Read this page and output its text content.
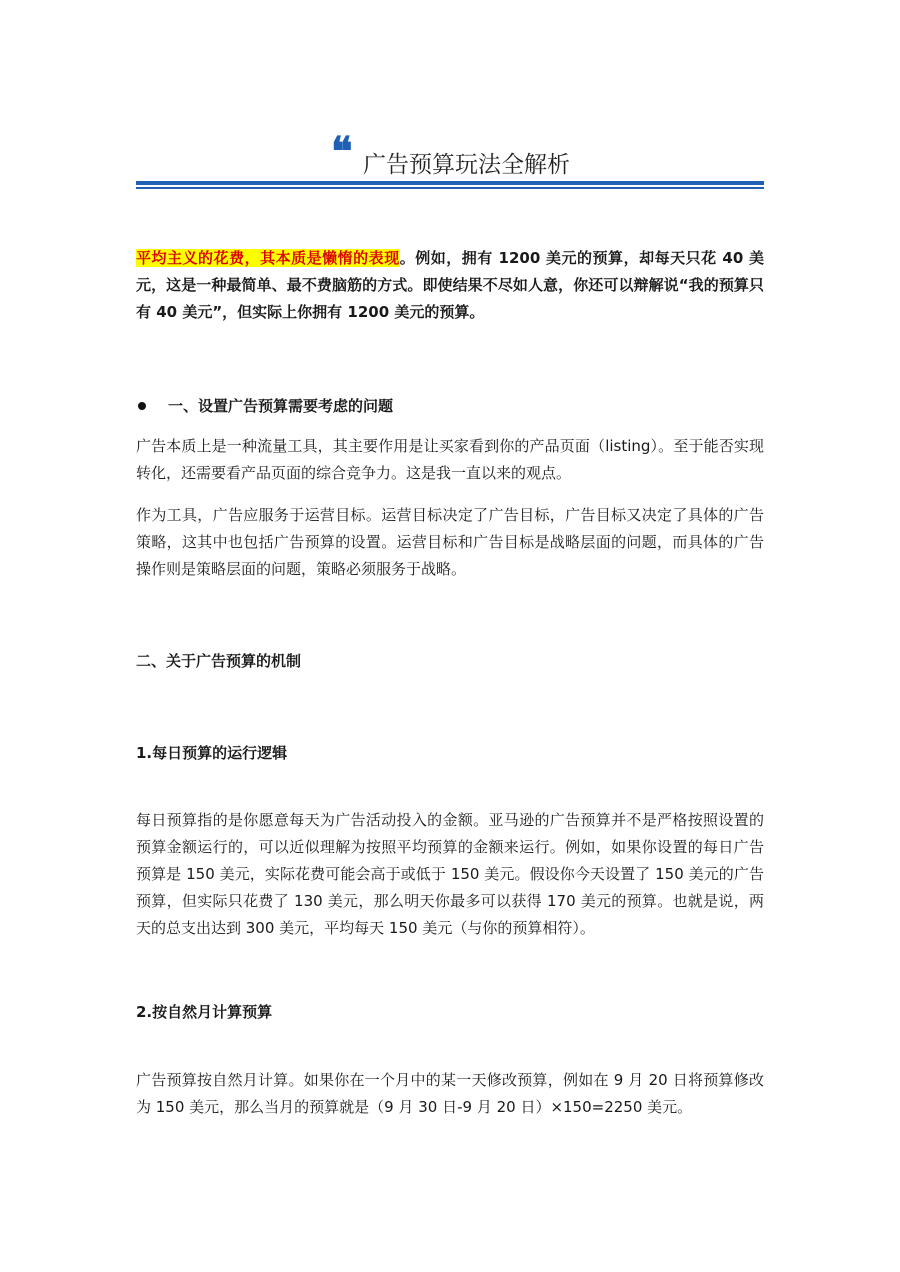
❝ 广告预算玩法全解析

平均主义的花费，其本质是懒惰的表现。例如，拥有 1200 美元的预算，却每天只花 40 美元，这是一种最简单、最不费脑筋的方式。即使结果不尽如人意，你还可以辩解说“我的预算只有 40 美元”，但实际上你拥有 1200 美元的预算。

一、设置广告预算需要考虑的问题

广告本质上是一种流量工具，其主要作用是让买家看到你的产品页面（listing）。至于能否实现转化，还需要看产品页面的综合竞争力。这是我一直以来的观点。

作为工具，广告应服务于运营目标。运营目标决定了广告目标，广告目标又决定了具体的广告策略，这其中也包括广告预算的设置。运营目标和广告目标是战略层面的问题，而具体的广告操作则是策略层面的问题，策略必须服务于战略。

二、关于广告预算的机制
1.每日预算的运行逻辑

每日预算指的是你愿意每天为广告活动投入的金额。亚马逊的广告预算并不是严格按照设置的预算金额运行的，可以近似理解为按照平均预算的金额来运行。例如，如果你设置的每日广告预算是 150 美元，实际花费可能会高于或低于 150 美元。假设你今天设置了 150 美元的广告预算，但实际只花费了 130 美元，那么明天你最多可以获得 170 美元的预算。也就是说，两天的总支出达到 300 美元，平均每天 150 美元（与你的预算相符）。

2.按自然月计算预算

广告预算按自然月计算。如果你在一个月中的某一天修改预算，例如在 9 月 20 日将预算修改为 150 美元，那么当月的预算就是（9 月 30 日-9 月 20 日）×150=2250 美元。
